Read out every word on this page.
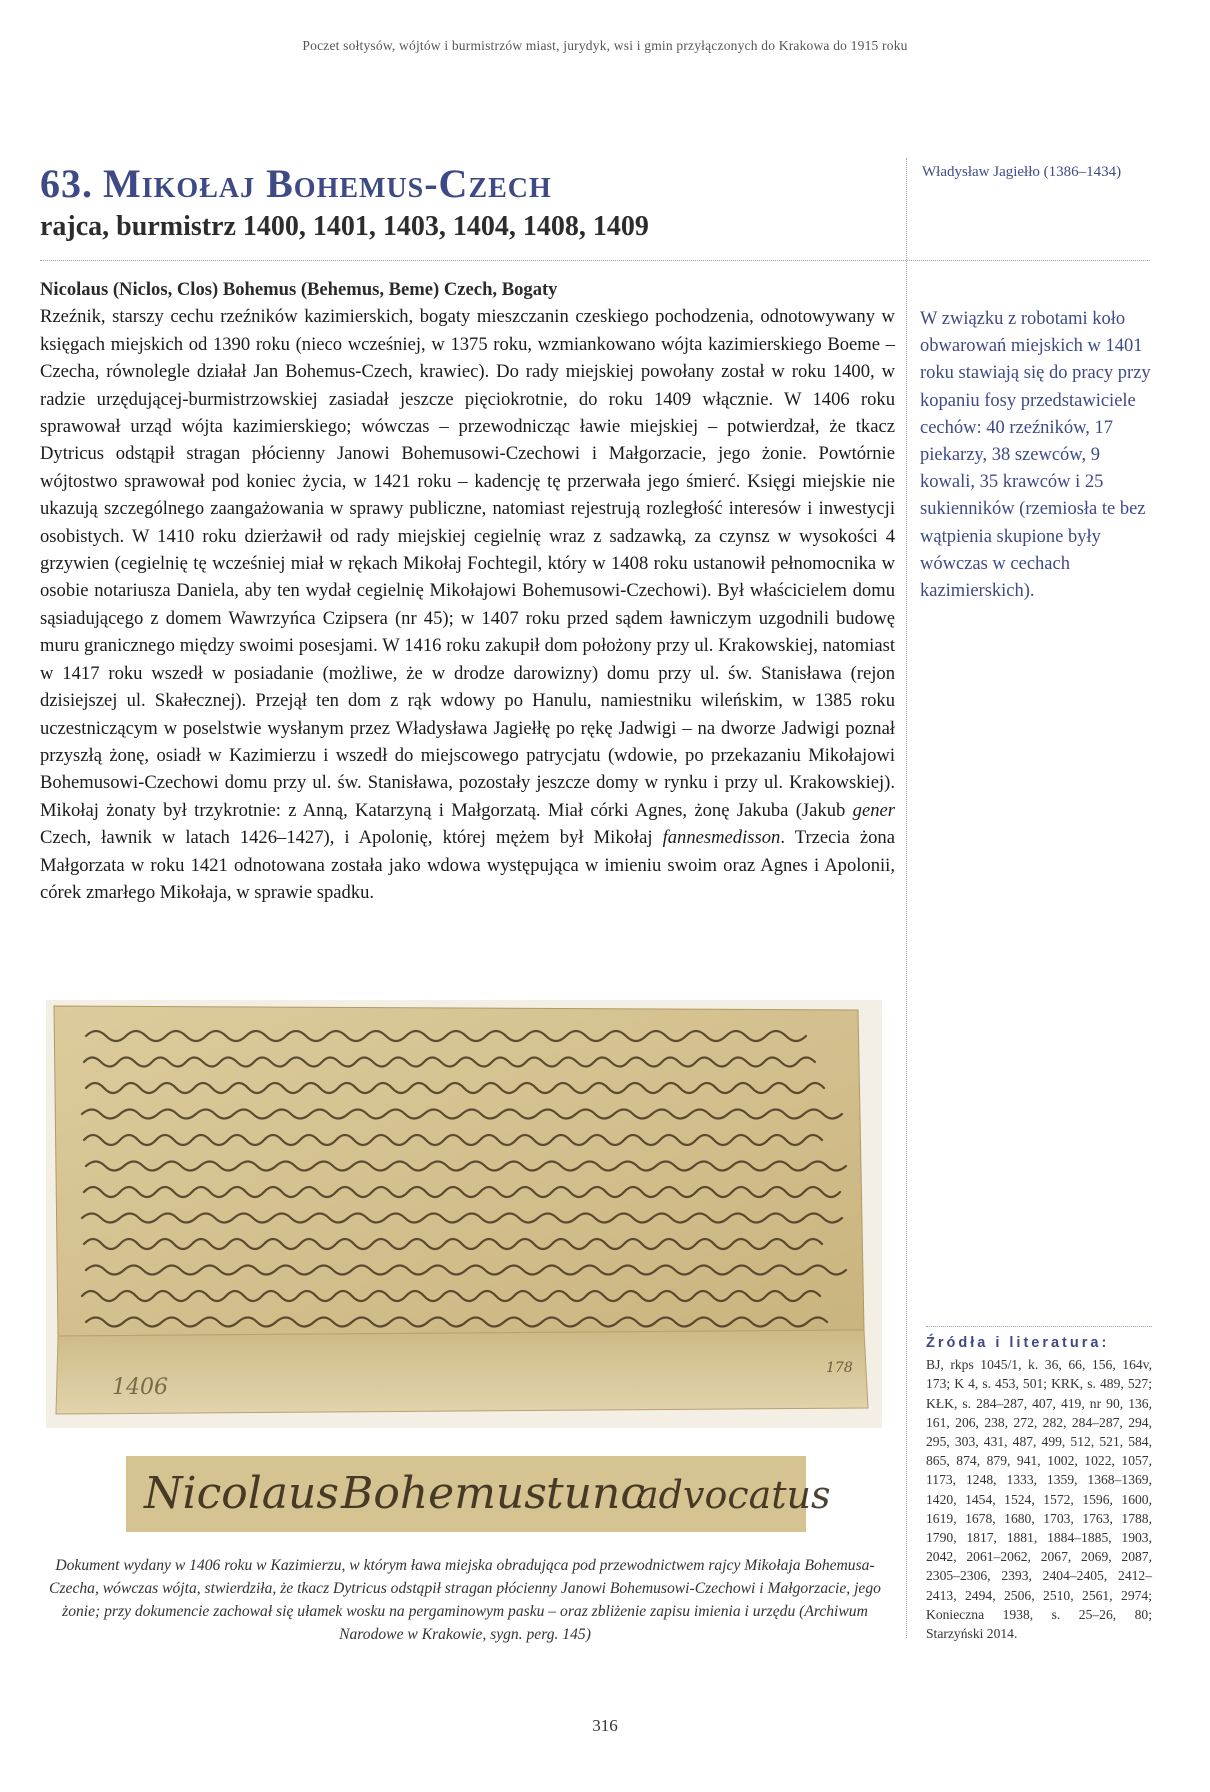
Poczet sołtysów, wójtów i burmistrzów miast, jurydyk, wsi i gmin przyłączonych do Krakowa do 1915 roku
63. Mikołaj Bohemus-Czech
rajca, burmistrz 1400, 1401, 1403, 1404, 1408, 1409
Władysław Jagiełło (1386–1434)
Nicolaus (Niclos, Clos) Bohemus (Behemus, Beme) Czech, Bogaty
Rzeźnik, starszy cechu rzeźników kazimierskich, bogaty mieszczanin czeskiego pochodzenia, odnotowywany w księgach miejskich od 1390 roku (nieco wcześniej, w 1375 roku, wzmiankowano wójta kazimierskiego Boeme – Czecha, równolegle działał Jan Bohemus-Czech, krawiec). Do rady miejskiej powołany został w roku 1400, w radzie urzędującej-burmistrzowskiej zasiadał jeszcze pięciokrotnie, do roku 1409 włącznie. W 1406 roku sprawował urząd wójta kazimierskiego; wówczas – przewodnicząc ławie miejskiej – potwierdzał, że tkacz Dytricus odstąpił stragan płócienny Janowi Bohemusowi-Czechowi i Małgorzacie, jego żonie. Powtórnie wójtostwo sprawował pod koniec życia, w 1421 roku – kadencję tę przerwała jego śmierć. Księgi miejskie nie ukazują szczególnego zaangażowania w sprawy publiczne, natomiast rejestrują rozległość interesów i inwestycji osobistych. W 1410 roku dzierżawił od rady miejskiej cegielnię wraz z sadzawką, za czynsz w wysokości 4 grzywien (cegielnię tę wcześniej miał w rękach Mikołaj Fochtegil, który w 1408 roku ustanowił pełnomocnika w osobie notariusza Daniela, aby ten wydał cegielnię Mikołajowi Bohemusowi-Czechowi). Był właścicielem domu sąsiadującego z domem Wawrzyńca Czipsera (nr 45); w 1407 roku przed sądem ławniczym uzgodnili budowę muru granicznego między swoimi posesjami. W 1416 roku zakupił dom położony przy ul. Krakowskiej, natomiast w 1417 roku wszedł w posiadanie (możliwe, że w drodze darowizny) domu przy ul. św. Stanisława (rejon dzisiejszej ul. Skałecznej). Przejął ten dom z rąk wdowy po Hanulu, namiestniku wileńskim, w 1385 roku uczestniczącym w poselstwie wysłanym przez Władysława Jagiełłę po rękę Jadwigi – na dworze Jadwigi poznał przyszłą żonę, osiadł w Kazimierzu i wszedł do miejscowego patrycjatu (wdowie, po przekazaniu Mikołajowi Bohemusowi-Czechowi domu przy ul. św. Stanisława, pozostały jeszcze domy w rynku i przy ul. Krakowskiej). Mikołaj żonaty był trzykrotnie: z Anną, Katarzyną i Małgorzatą. Miał córki Agnes, żonę Jakuba (Jakub gener Czech, ławnik w latach 1426–1427), i Apolonię, której mężem był Mikołaj fannesmedisson. Trzecia żona Małgorzata w roku 1421 odnotowana została jako wdowa występująca w imieniu swoim oraz Agnes i Apolonii, córek zmarłego Mikołaja, w sprawie spadku.
W związku z robotami koło obwarowań miejskich w 1401 roku stawiają się do pracy przy kopaniu fosy przedstawiciele cechów: 40 rzeźników, 17 piekarzy, 38 szewców, 9 kowali, 35 krawców i 25 sukienników (rzemiosła te bez wątpienia skupione były wówczas w cechach kazimierskich).
Źródła i literatura:
BJ, rkps 1045/1, k. 36, 66, 156, 164v, 173; K 4, s. 453, 501; KRK, s. 489, 527; KŁK, s. 284–287, 407, 419, nr 90, 136, 161, 206, 238, 272, 282, 284–287, 294, 295, 303, 431, 487, 499, 512, 521, 584, 865, 874, 879, 941, 1002, 1022, 1057, 1173, 1248, 1333, 1359, 1368–1369, 1420, 1454, 1524, 1572, 1596, 1600, 1619, 1678, 1680, 1703, 1763, 1788, 1790, 1817, 1881, 1884–1885, 1903, 2042, 2061–2062, 2067, 2069, 2087, 2305–2306, 2393, 2404–2405, 2412–2413, 2494, 2506, 2510, 2561, 2974; Konieczna 1938, s. 25–26, 80; Starzyński 2014.
1406
178
Nicolaus Bohemus tunc
advocatus
Dokument wydany w 1406 roku w Kazimierzu, w którym ława miejska obradująca pod przewodnictwem rajcy Mikołaja Bohemusa-Czecha, wówczas wójta, stwierdziła, że tkacz Dytricus odstąpił stragan płócienny Janowi Bohemusowi-Czechowi i Małgorzacie, jego żonie; przy dokumencie zachował się ułamek wosku na pergaminowym pasku – oraz zbliżenie zapisu imienia i urzędu (Archiwum Narodowe w Krakowie, sygn. perg. 145)
316
